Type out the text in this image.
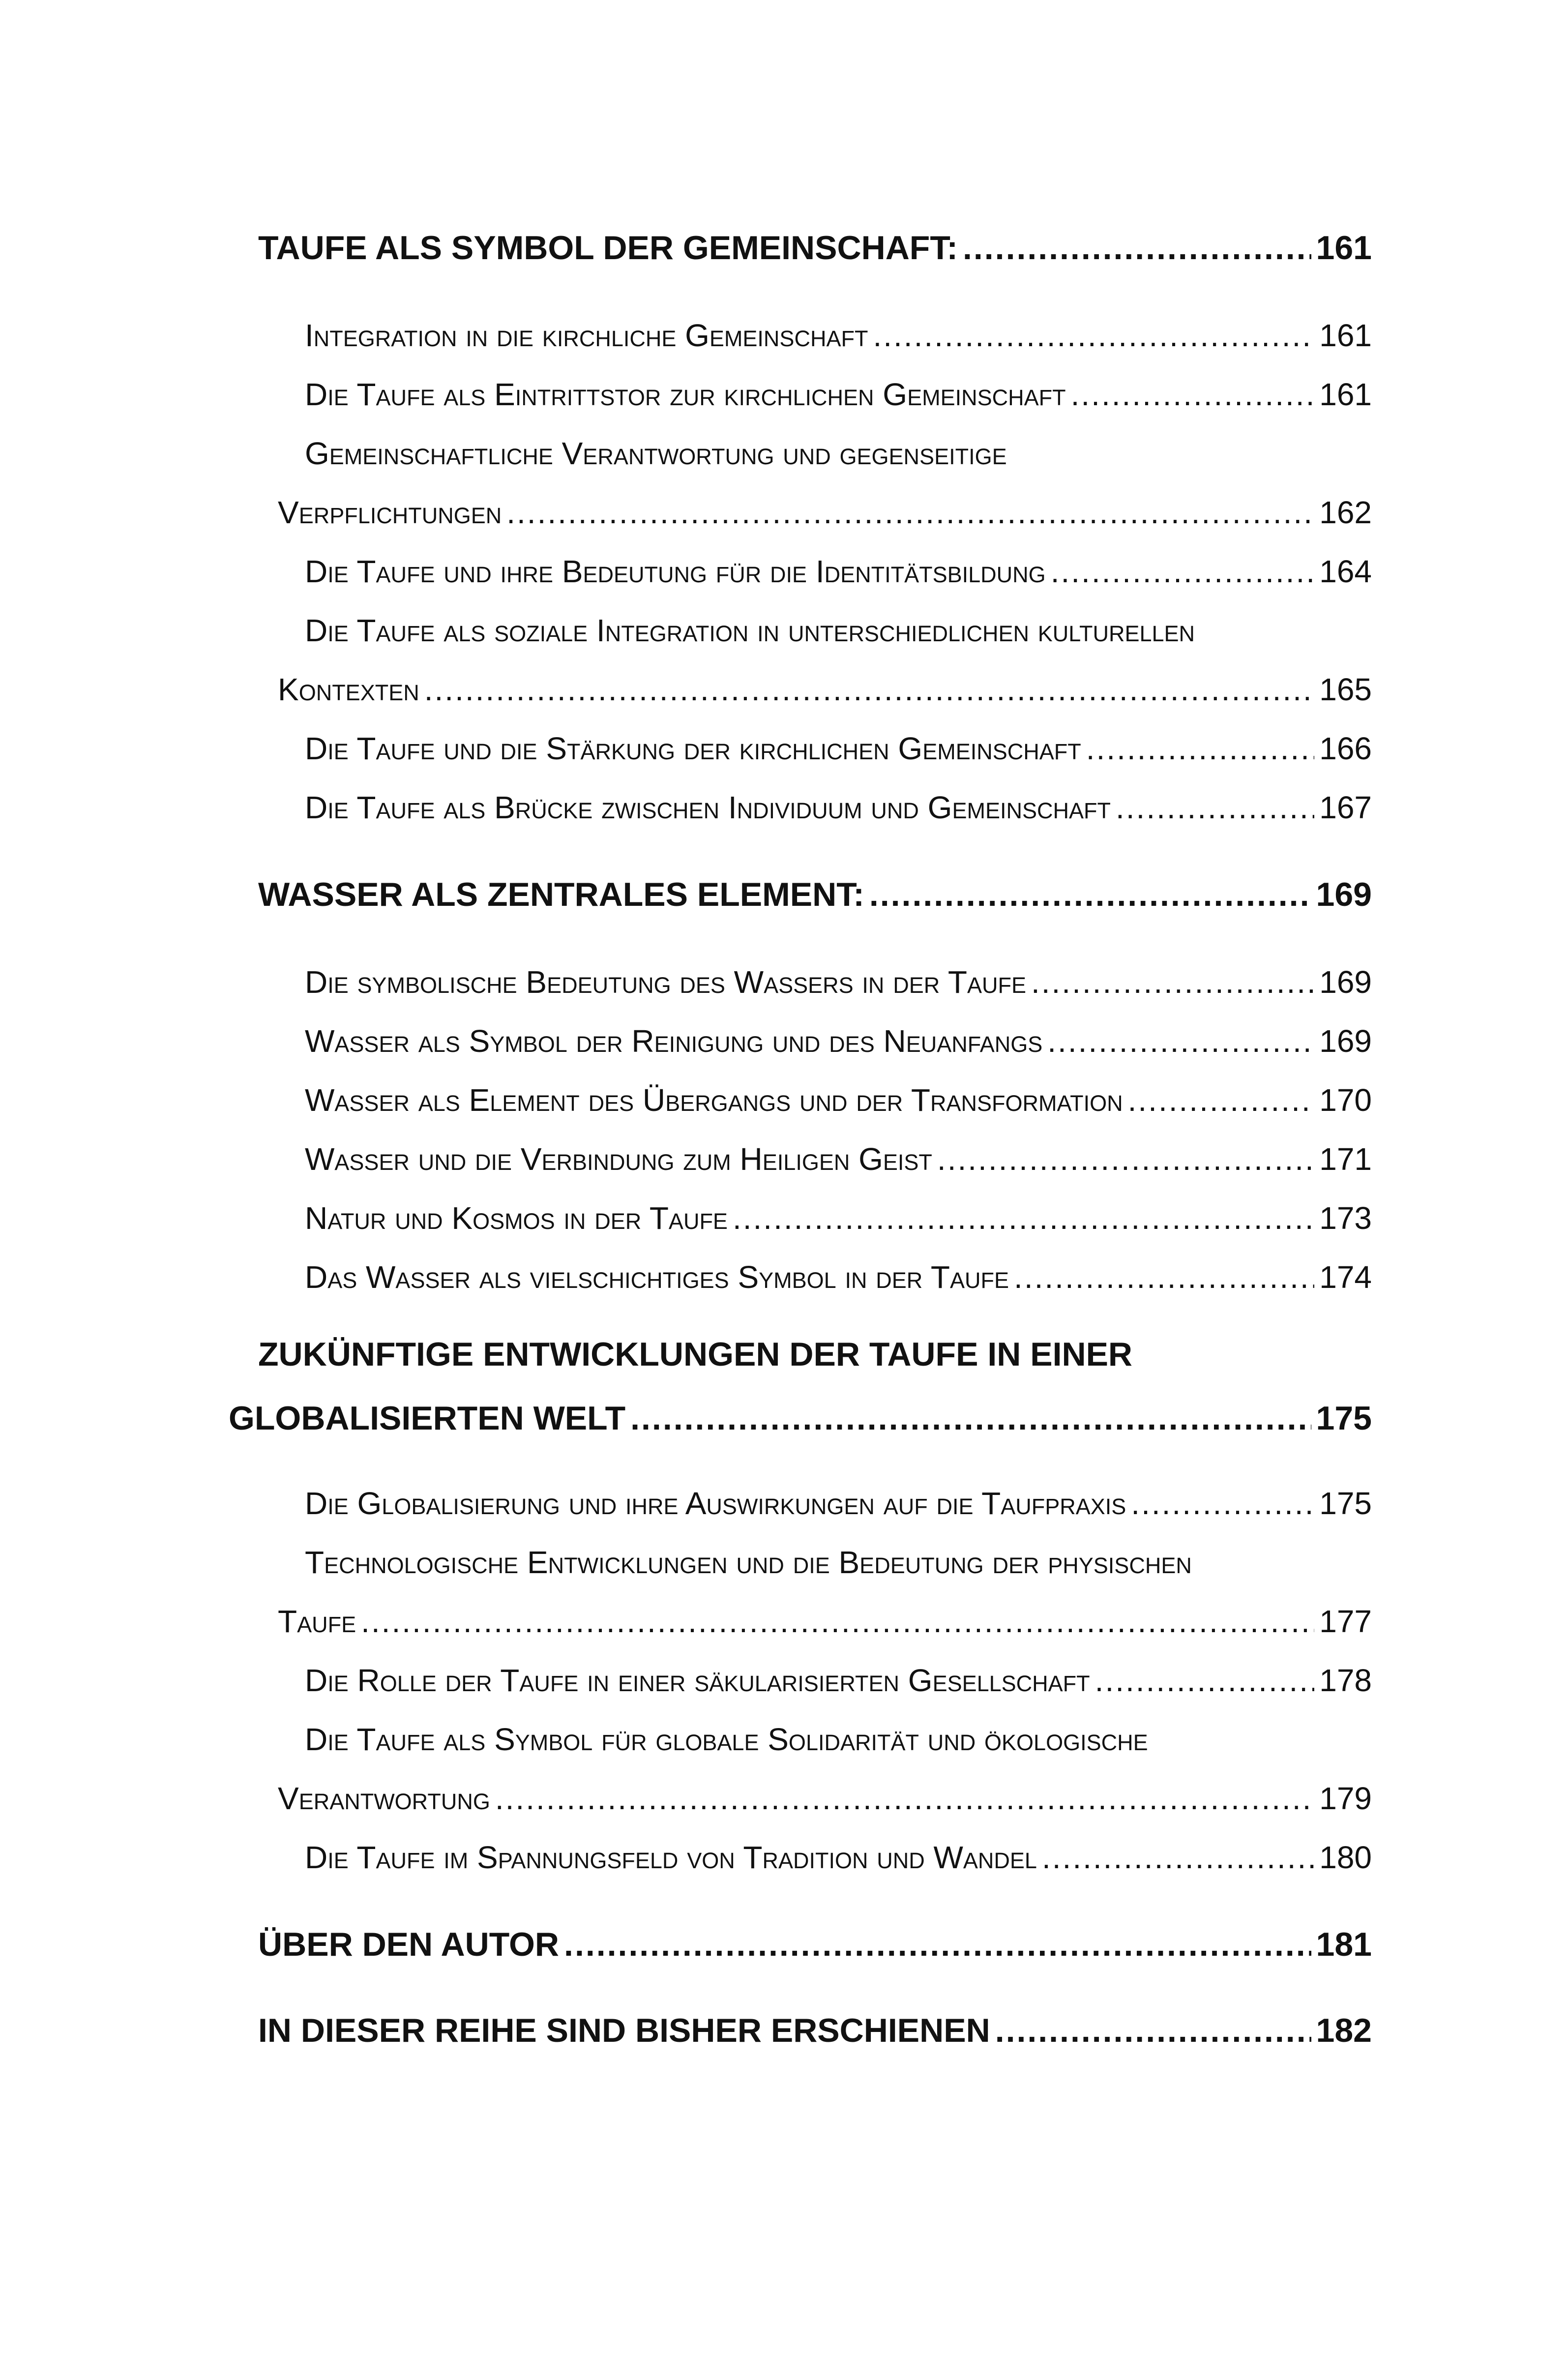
TAUFE ALS SYMBOL DER GEMEINSCHAFT: .....	161
Integration in die kirchliche Gemeinschaft .....	161
Die Taufe als Eintrittstor zur kirchlichen Gemeinschaft .....	161
Gemeinschaftliche Verantwortung und gegenseitige
Verpflichtungen .....	162
Die Taufe und ihre Bedeutung für die Identitätsbildung .....	164
Die Taufe als soziale Integration in unterschiedlichen kulturellen
Kontexten .....	165
Die Taufe und die Stärkung der kirchlichen Gemeinschaft .....	166
Die Taufe als Brücke zwischen Individuum und Gemeinschaft .....	167
WASSER ALS ZENTRALES ELEMENT: .....	169
Die symbolische Bedeutung des Wassers in der Taufe .....	169
Wasser als Symbol der Reinigung und des Neuanfangs .....	169
Wasser als Element des Übergangs und der Transformation .....	170
Wasser und die Verbindung zum Heiligen Geist .....	171
Natur und Kosmos in der Taufe .....	173
Das Wasser als vielschichtiges Symbol in der Taufe .....	174
ZUKÜNFTIGE ENTWICKLUNGEN DER TAUFE IN EINER
GLOBALISIERTEN WELT .....	175
Die Globalisierung und ihre Auswirkungen auf die Taufpraxis .....	175
Technologische Entwicklungen und die Bedeutung der physischen
Taufe .....	177
Die Rolle der Taufe in einer säkularisierten Gesellschaft .....	178
Die Taufe als Symbol für globale Solidarität und ökologische
Verantwortung .....	179
Die Taufe im Spannungsfeld von Tradition und Wandel .....	180
ÜBER DEN AUTOR .....	181
IN DIESER REIHE SIND BISHER ERSCHIENEN .....	182
